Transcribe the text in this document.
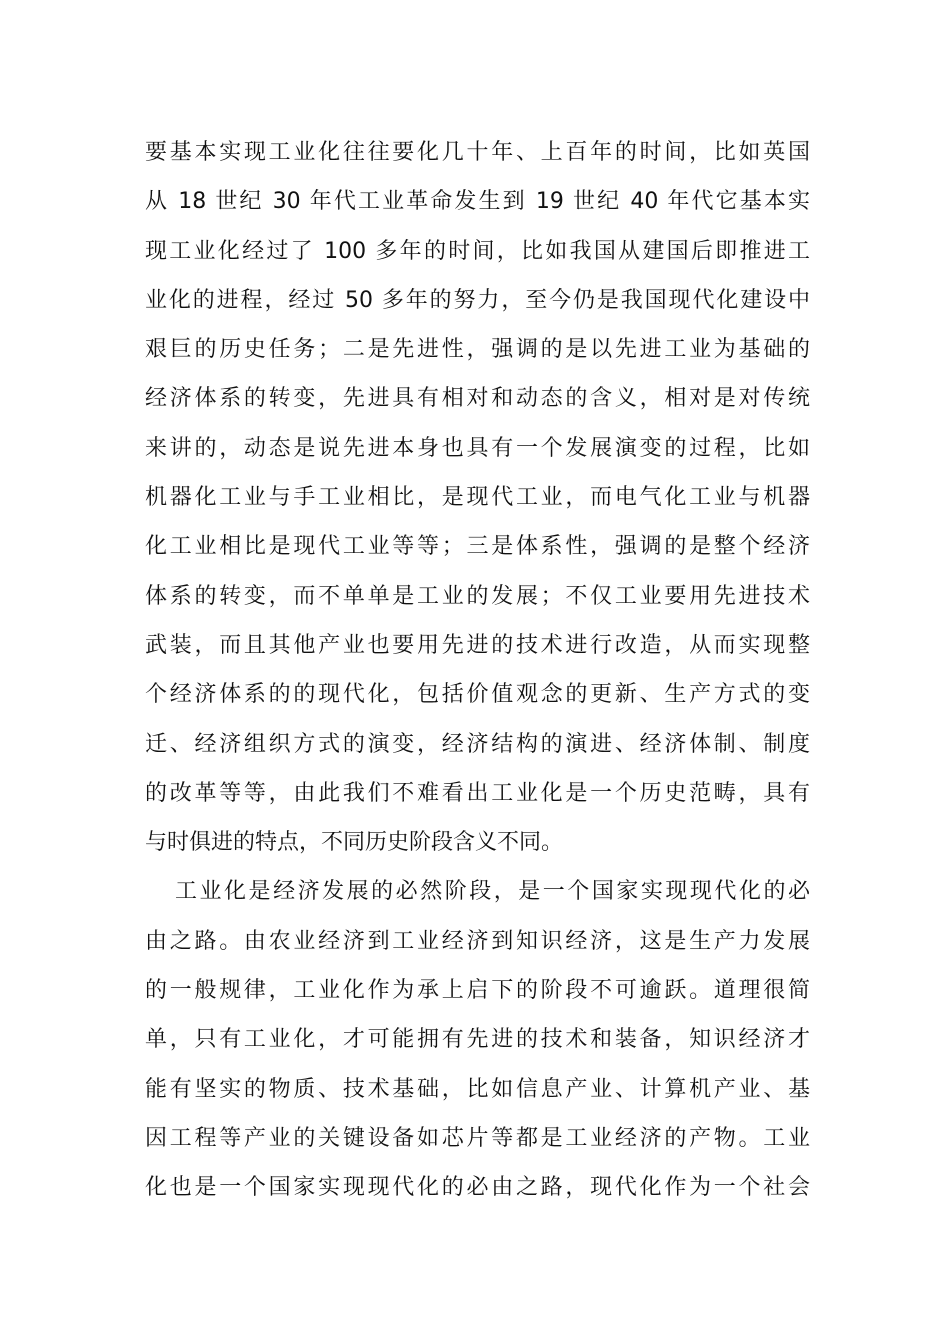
要基本实现工业化往往要化几十年、上百年的时间，比如英国
从 18 世纪 30 年代工业革命发生到 19 世纪 40 年代它基本实
现工业化经过了 100 多年的时间，比如我国从建国后即推进工
业化的进程，经过 50 多年的努力，至今仍是我国现代化建设中
艰巨的历史任务；二是先进性，强调的是以先进工业为基础的
经济体系的转变，先进具有相对和动态的含义，相对是对传统
来讲的，动态是说先进本身也具有一个发展演变的过程，比如
机器化工业与手工业相比，是现代工业，而电气化工业与机器
化工业相比是现代工业等等；三是体系性，强调的是整个经济
体系的转变，而不单单是工业的发展；不仅工业要用先进技术
武装，而且其他产业也要用先进的技术进行改造，从而实现整
个经济体系的的现代化，包括价值观念的更新、生产方式的变
迁、经济组织方式的演变，经济结构的演进、经济体制、制度
的改革等等，由此我们不难看出工业化是一个历史范畴，具有
与时俱进的特点，不同历史阶段含义不同。
工业化是经济发展的必然阶段，是一个国家实现现代化的必
由之路。由农业经济到工业经济到知识经济，这是生产力发展
的一般规律，工业化作为承上启下的阶段不可逾跃。道理很简
单，只有工业化，才可能拥有先进的技术和装备，知识经济才
能有坚实的物质、技术基础，比如信息产业、计算机产业、基
因工程等产业的关键设备如芯片等都是工业经济的产物。工业
化也是一个国家实现现代化的必由之路，现代化作为一个社会
